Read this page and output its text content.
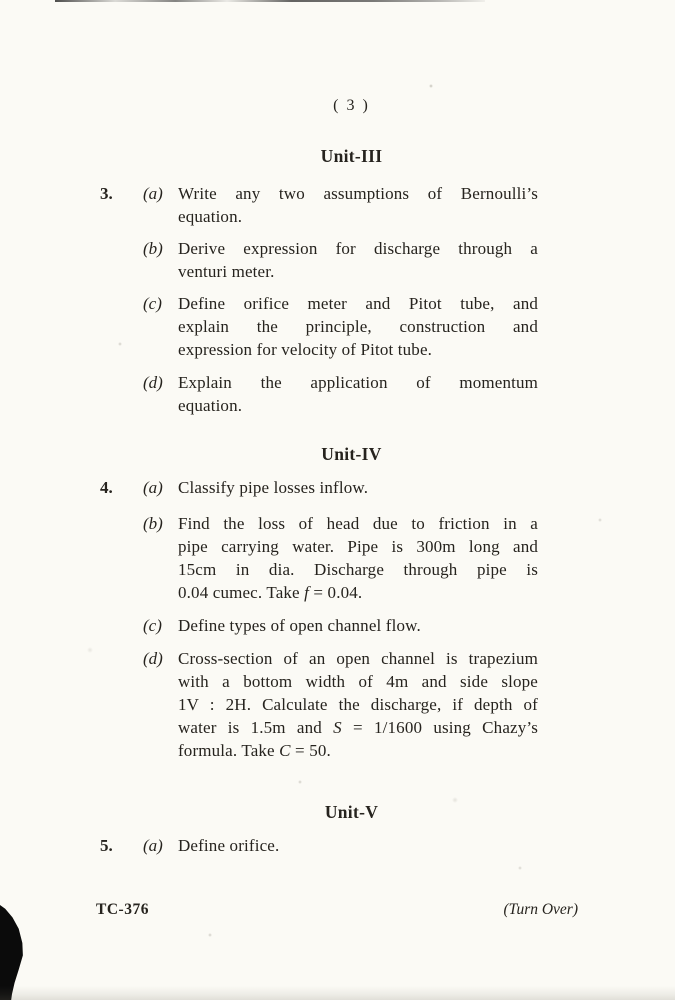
( 3 )
Unit-III
3.	(a) Write any two assumptions of Bernoulli’s
equation.
(b) Derive expression for discharge through a
venturi meter.
(c) Define orifice meter and Pitot tube, and
explain the principle, construction and
expression for velocity of Pitot tube.
(d) Explain the application of momentum
equation.
Unit-IV
4.	(a) Classify pipe losses inflow.
(b) Find the loss of head due to friction in a
pipe carrying water. Pipe is 300m long and
15cm in dia. Discharge through pipe is
0.04 cumec. Take f = 0.04.
(c) Define types of open channel flow.
(d) Cross-section of an open channel is trapezium
with a bottom width of 4m and side slope
1V : 2H. Calculate the discharge, if depth of
water is 1.5m and S = 1/1600 using Chazy’s
formula. Take C = 50.
Unit-V
5.	(a) Define orifice.
TC-376	(Turn Over)
